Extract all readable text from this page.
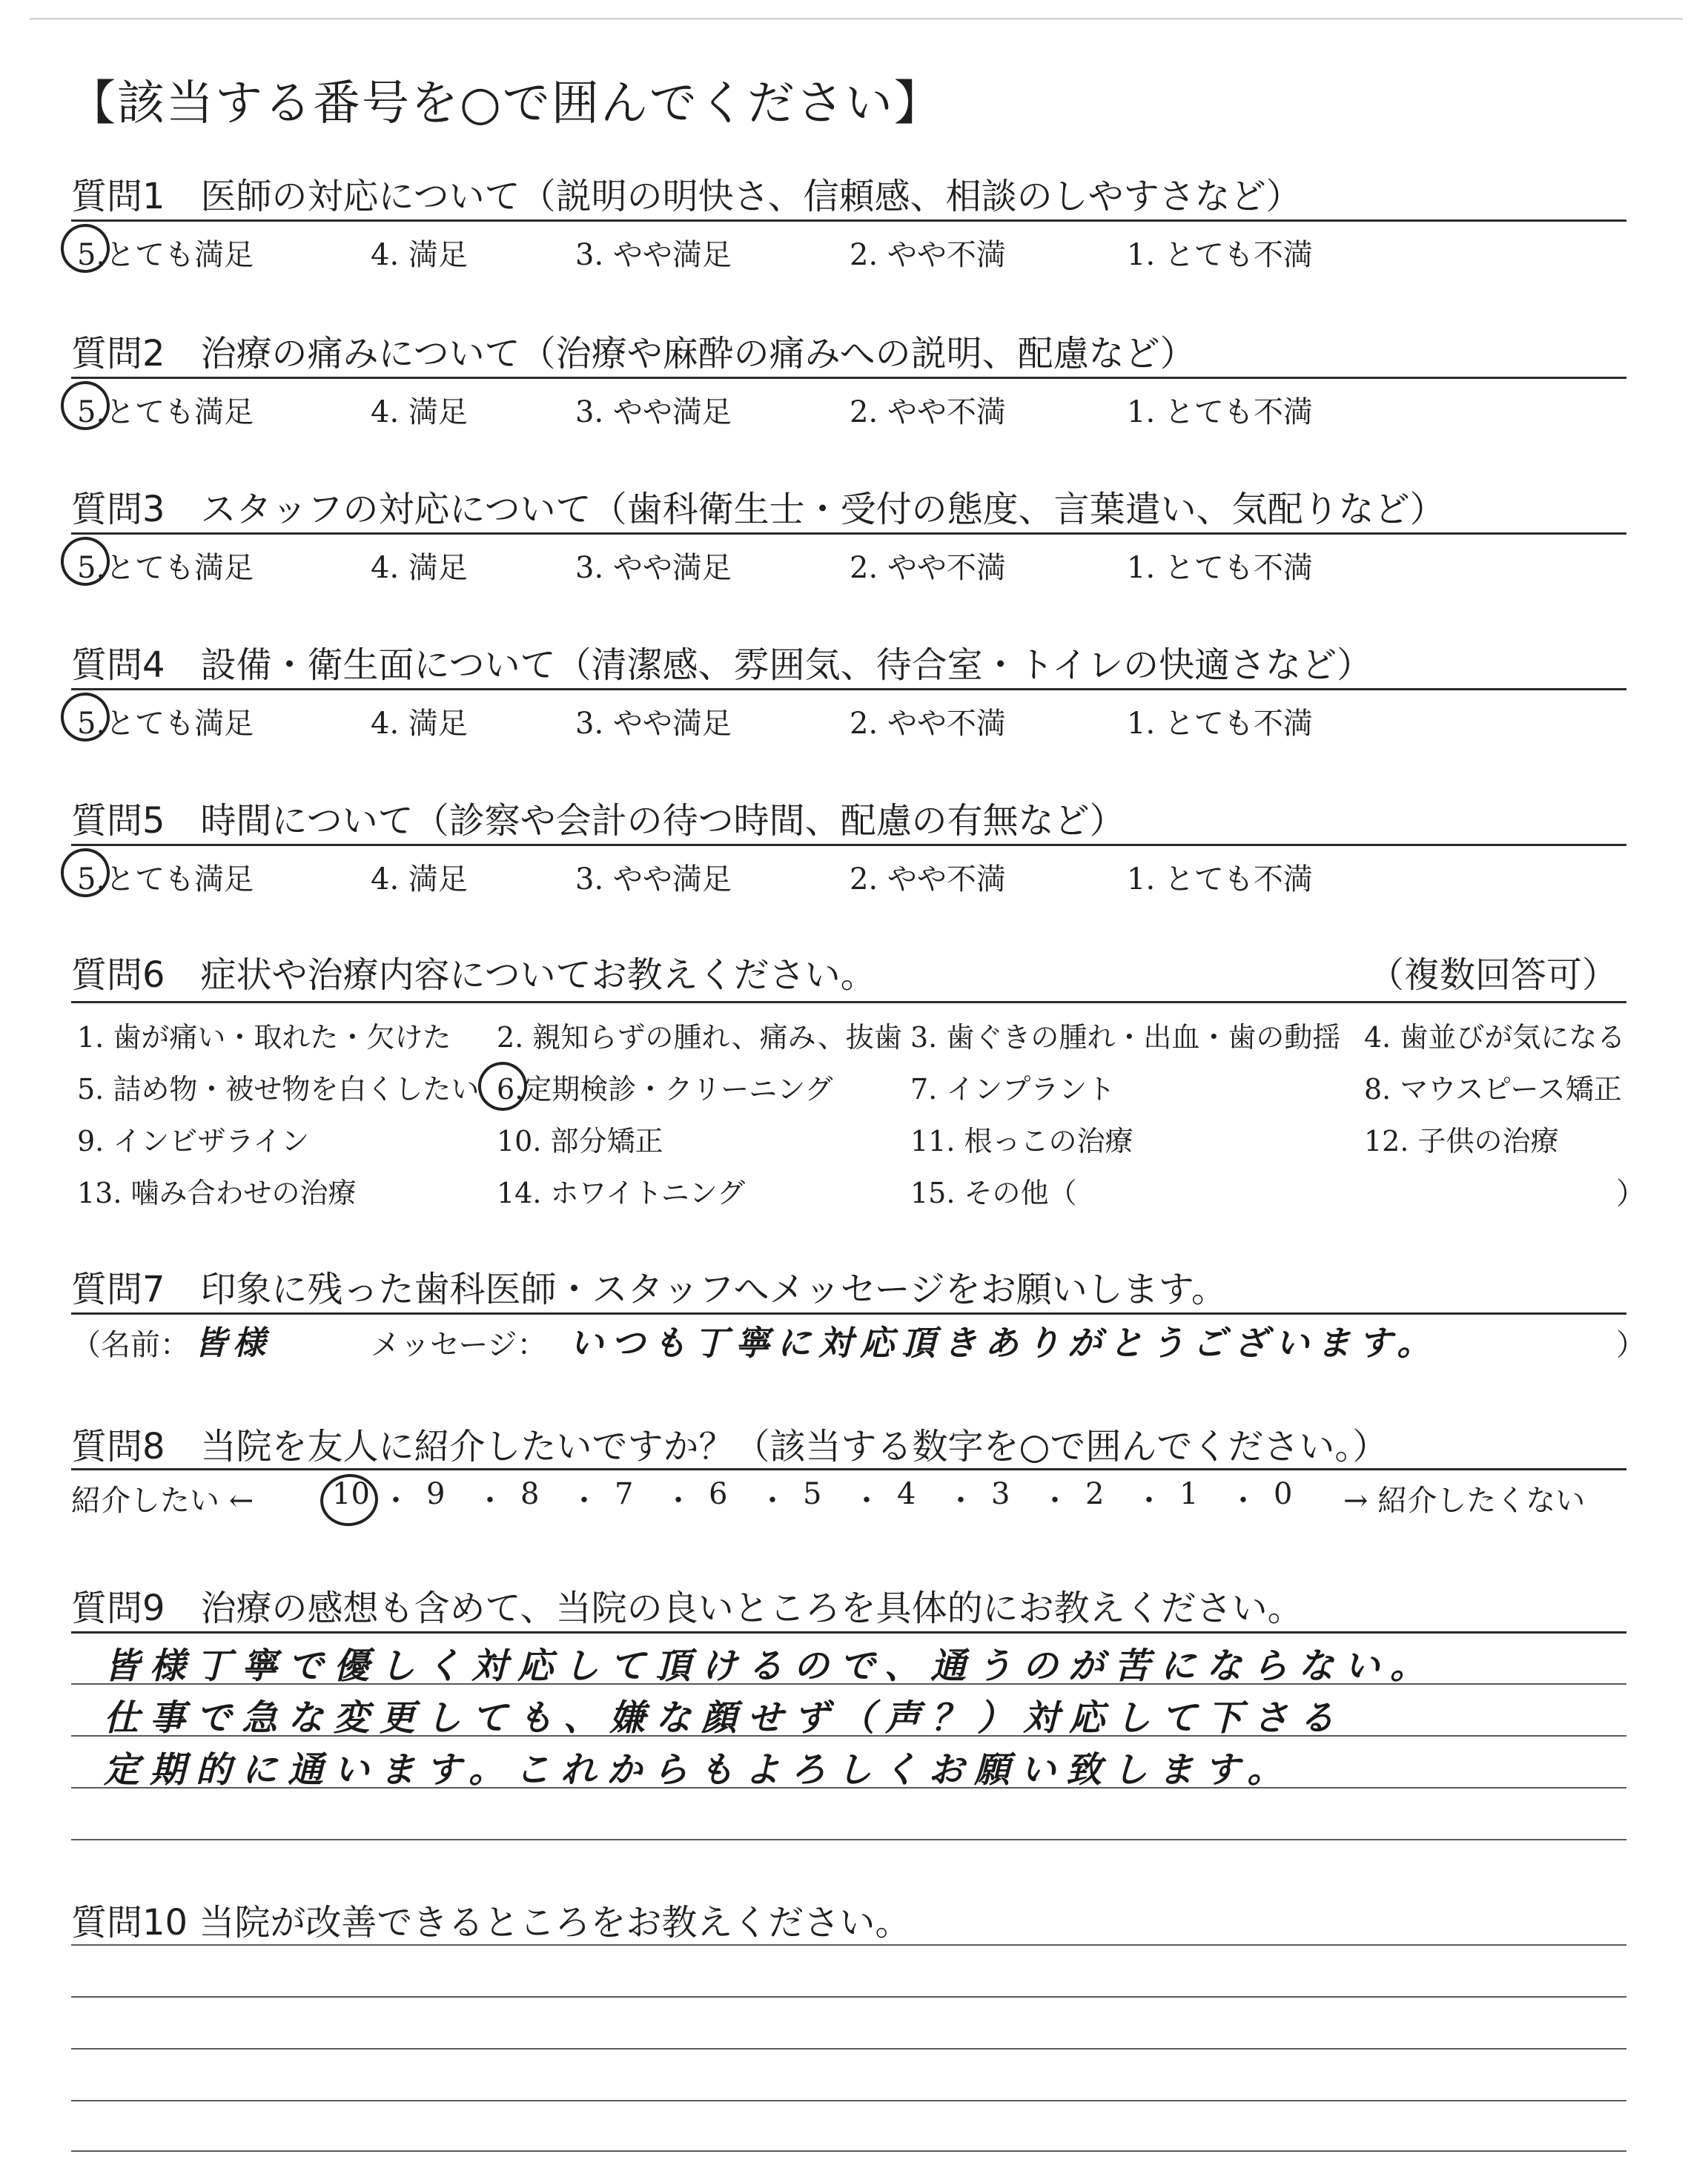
【該当する番号を○で囲んでください】
質問1　医師の対応について（説明の明快さ、信頼感、相談のしやすさなど）
5.とても満足	4. 満足	3. やや満足	2. やや不満	1. とても不満
質問2　治療の痛みについて（治療や麻酔の痛みへの説明、配慮など）
5.とても満足	4. 満足	3. やや満足	2. やや不満	1. とても不満
質問3　スタッフの対応について（歯科衛生士・受付の態度、言葉遣い、気配りなど）
5.とても満足	4. 満足	3. やや満足	2. やや不満	1. とても不満
質問4　設備・衛生面について（清潔感、雰囲気、待合室・トイレの快適さなど）
5.とても満足	4. 満足	3. やや満足	2. やや不満	1. とても不満
質問5　時間について（診察や会計の待つ時間、配慮の有無など）
5.とても満足	4. 満足	3. やや満足	2. やや不満	1. とても不満
質問6　症状や治療内容についてお教えください。	（複数回答可）
1. 歯が痛い・取れた・欠けた 2. 親知らずの腫れ、痛み、抜歯 3. 歯ぐきの腫れ・出血・歯の動揺 4. 歯並びが気になる
5. 詰め物・被せ物を白くしたい 6.定期検診・クリーニング	7. インプラント	8. マウスピース矯正
9. インビザライン	10. 部分矯正	11. 根っこの治療	12. 子供の治療
13. 噛み合わせの治療	14. ホワイトニング	15. その他（	）
質問7　印象に残った歯科医師・スタッフへメッセージをお願いします。
（名前： 皆様	メッセージ： いつも丁寧に対応頂きありがとうございます。	）
質問8　当院を友人に紹介したいですか？（該当する数字を○で囲んでください。）
紹介したい ←	→ 紹介したくない
10 ・ 9 ・ 8 ・ 7 ・ 6 ・ 5 ・ 4 ・ 3 ・ 2 ・ 1 ・ 0
質問9　治療の感想も含めて、当院の良いところを具体的にお教えください。
皆様丁寧で優しく対応して頂けるので、通うのが苦にならない。
仕事で急な変更しても、嫌な顔せず（声？）対応して下さる
定期的に通います。これからもよろしくお願い致します。
質問10 当院が改善できるところをお教えください。
